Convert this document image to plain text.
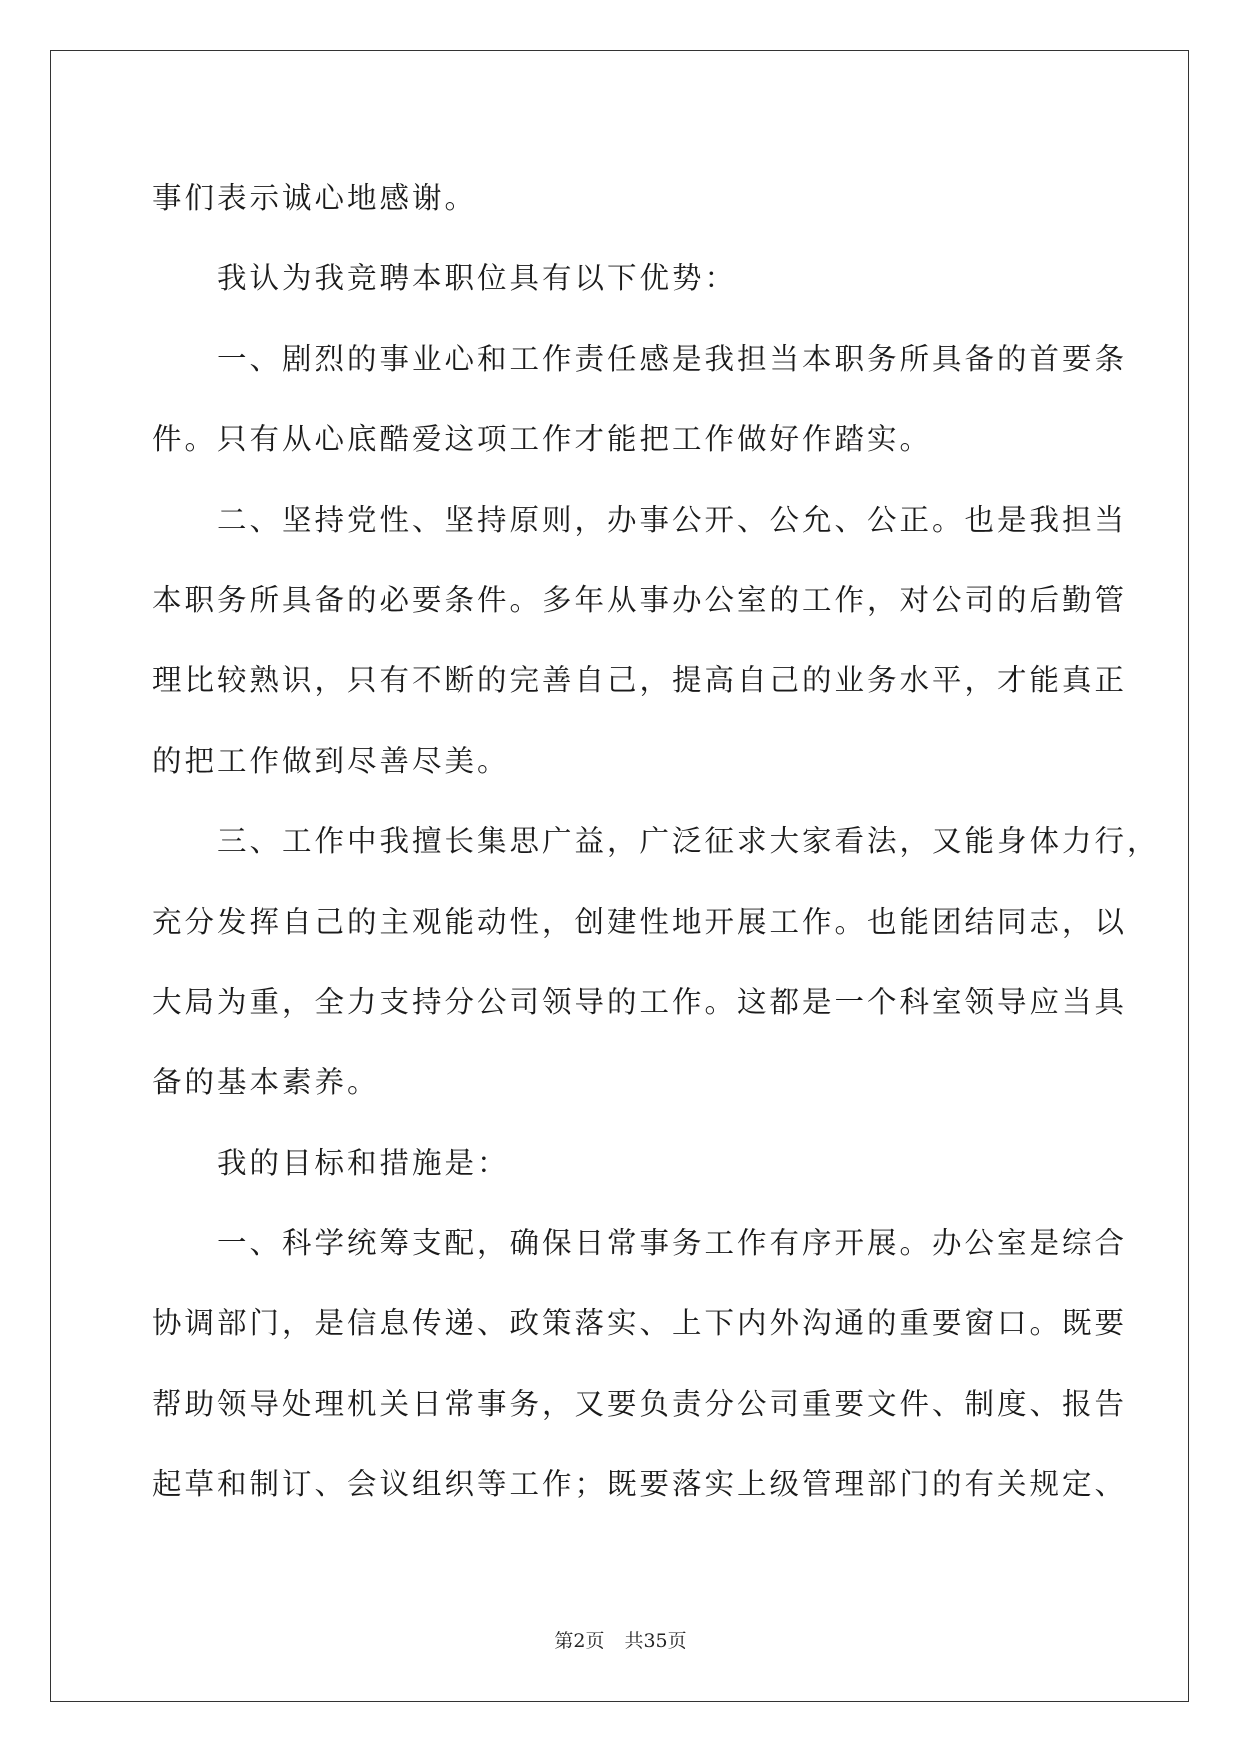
事们表示诚心地感谢。
　　我认为我竞聘本职位具有以下优势：
　　一、剧烈的事业心和工作责任感是我担当本职务所具备的首要条
件。只有从心底酷爱这项工作才能把工作做好作踏实。
　　二、坚持党性、坚持原则，办事公开、公允、公正。也是我担当
本职务所具备的必要条件。多年从事办公室的工作，对公司的后勤管
理比较熟识，只有不断的完善自己，提高自己的业务水平，才能真正
的把工作做到尽善尽美。
　　三、工作中我擅长集思广益，广泛征求大家看法，又能身体力行，
充分发挥自己的主观能动性，创建性地开展工作。也能团结同志，以
大局为重，全力支持分公司领导的工作。这都是一个科室领导应当具
备的基本素养。
　　我的目标和措施是：
　　一、科学统筹支配，确保日常事务工作有序开展。办公室是综合
协调部门，是信息传递、政策落实、上下内外沟通的重要窗口。既要
帮助领导处理机关日常事务，又要负责分公司重要文件、制度、报告
起草和制订、会议组织等工作；既要落实上级管理部门的有关规定、
第2页 共35页
